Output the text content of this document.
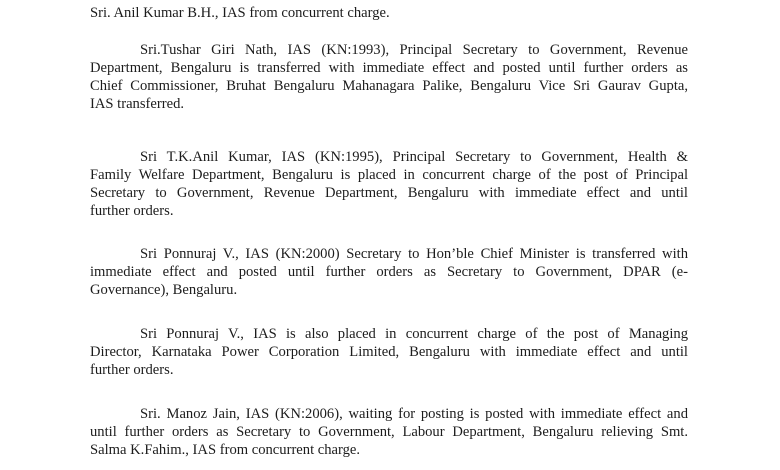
Sri. Anil Kumar B.H., IAS from concurrent charge.
Sri.Tushar Giri Nath, IAS (KN:1993), Principal Secretary to Government, Revenue
Department, Bengaluru is transferred with immediate effect and posted until further orders as
Chief Commissioner, Bruhat Bengaluru Mahanagara Palike, Bengaluru Vice Sri Gaurav Gupta,
IAS transferred.
Sri T.K.Anil Kumar, IAS (KN:1995), Principal Secretary to Government, Health &
Family Welfare Department, Bengaluru is placed in concurrent charge of the post of Principal
Secretary to Government, Revenue Department, Bengaluru with immediate effect and until
further orders.
Sri Ponnuraj V., IAS (KN:2000) Secretary to Hon’ble Chief Minister is transferred with
immediate effect and posted until further orders as Secretary to Government, DPAR (e-
Governance), Bengaluru.
Sri Ponnuraj V., IAS is also placed in concurrent charge of the post of Managing
Director, Karnataka Power Corporation Limited, Bengaluru with immediate effect and until
further orders.
Sri. Manoz Jain, IAS (KN:2006), waiting for posting is posted with immediate effect and
until further orders as Secretary to Government, Labour Department, Bengaluru relieving Smt.
Salma K.Fahim., IAS from concurrent charge.
